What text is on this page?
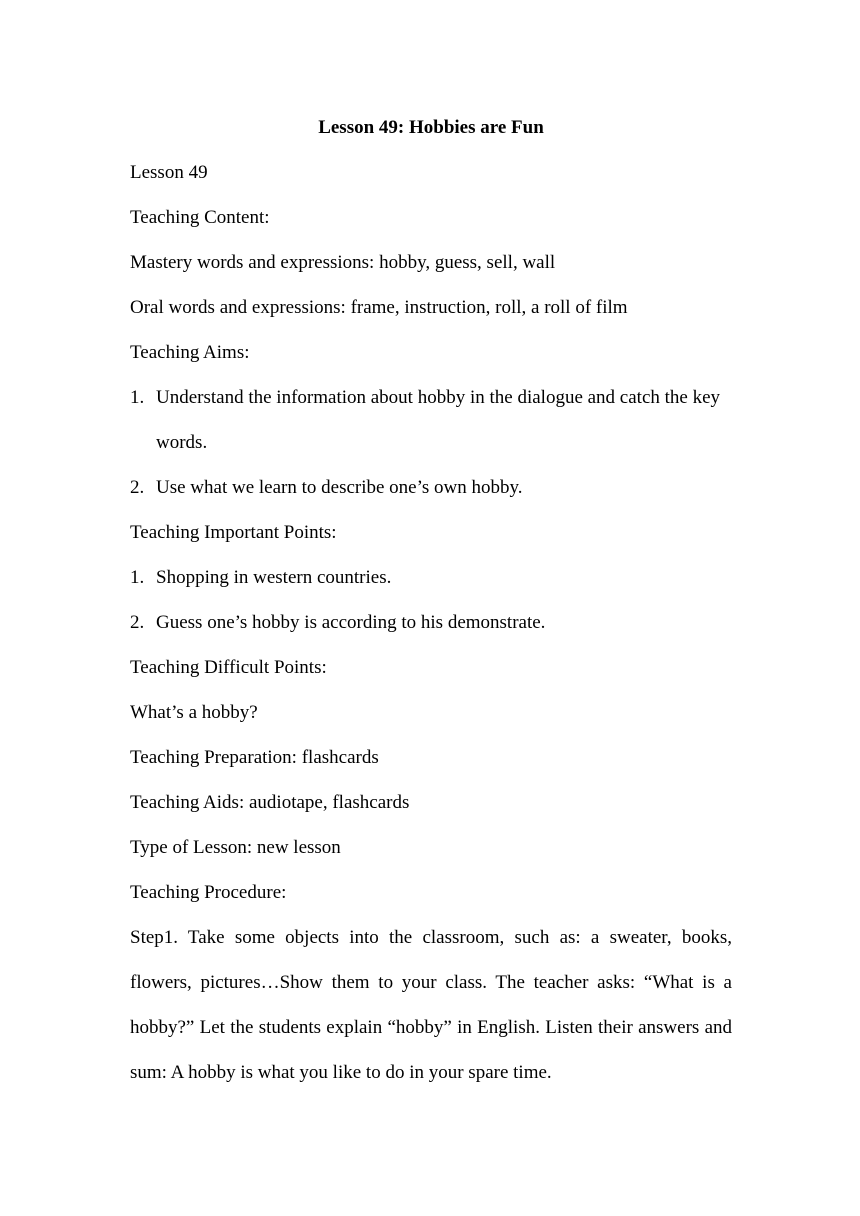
Lesson 49: Hobbies are Fun
Lesson 49
Teaching Content:
Mastery words and expressions: hobby, guess, sell, wall
Oral words and expressions: frame, instruction, roll, a roll of film
Teaching Aims:
1. Understand the information about hobby in the dialogue and catch the key words.
2. Use what we learn to describe one’s own hobby.
Teaching Important Points:
1. Shopping in western countries.
2. Guess one’s hobby is according to his demonstrate.
Teaching Difficult Points:
What’s a hobby?
Teaching Preparation: flashcards
Teaching Aids: audiotape, flashcards
Type of Lesson: new lesson
Teaching Procedure:
Step1. Take some objects into the classroom, such as: a sweater, books, flowers, pictures…Show them to your class. The teacher asks: “What is a hobby?” Let the students explain “hobby” in English. Listen their answers and sum: A hobby is what you like to do in your spare time.
